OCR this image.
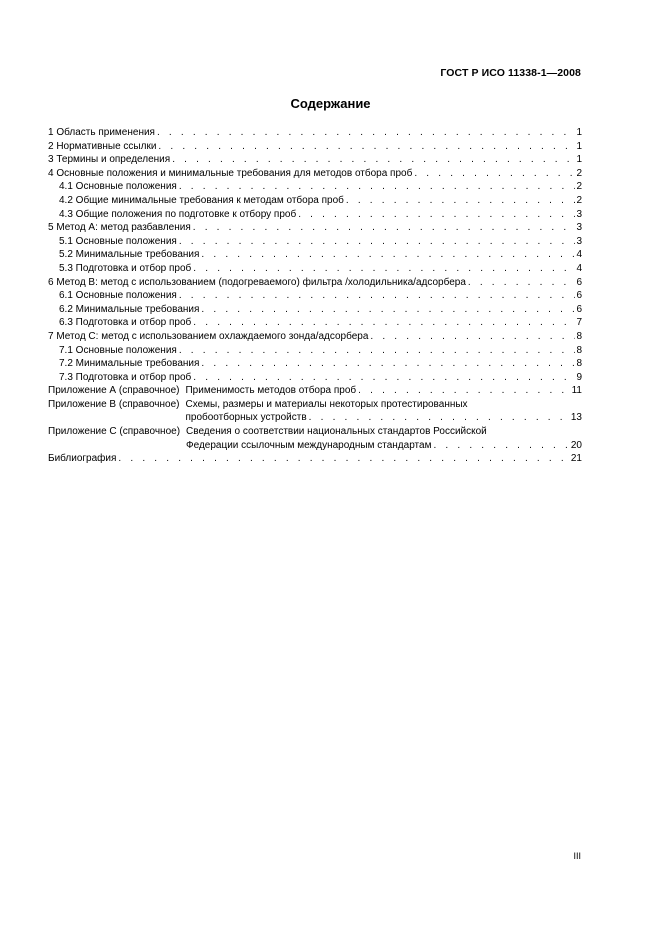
ГОСТ Р ИСО 11338-1—2008
Содержание
1 Область применения . . .	1
2 Нормативные ссылки . . .	1
3 Термины и определения . . .	1
4 Основные положения и минимальные требования для методов отбора проб . . .	2
4.1 Основные положения . . .	2
4.2 Общие минимальные требования к методам отбора проб . . .	2
4.3 Общие положения по подготовке к отбору проб . . .	3
5 Метод А: метод разбавления . . .	3
5.1 Основные положения . . .	3
5.2 Минимальные требования . . .	4
5.3 Подготовка и отбор проб . . .	4
6 Метод В: метод с использованием (подогреваемого) фильтра /холодильника/адсорбера . . .	6
6.1 Основные положения . . .	6
6.2 Минимальные требования . . .	6
6.3 Подготовка и отбор проб . . .	7
7 Метод С: метод с использованием охлаждаемого зонда/адсорбера . . .	8
7.1 Основные положения . . .	8
7.2 Минимальные требования . . .	8
7.3 Подготовка и отбор проб . . .	9
Приложение А (справочное) Применимость методов отбора проб . . .	11
Приложение В (справочное) Схемы, размеры и материалы некоторых протестированных
пробоотборных устройств . . .	13
Приложение С (справочное) Сведения о соответствии национальных стандартов Российской
Федерации ссылочным международным стандартам . . .	20
Библиография . . .	21
III
